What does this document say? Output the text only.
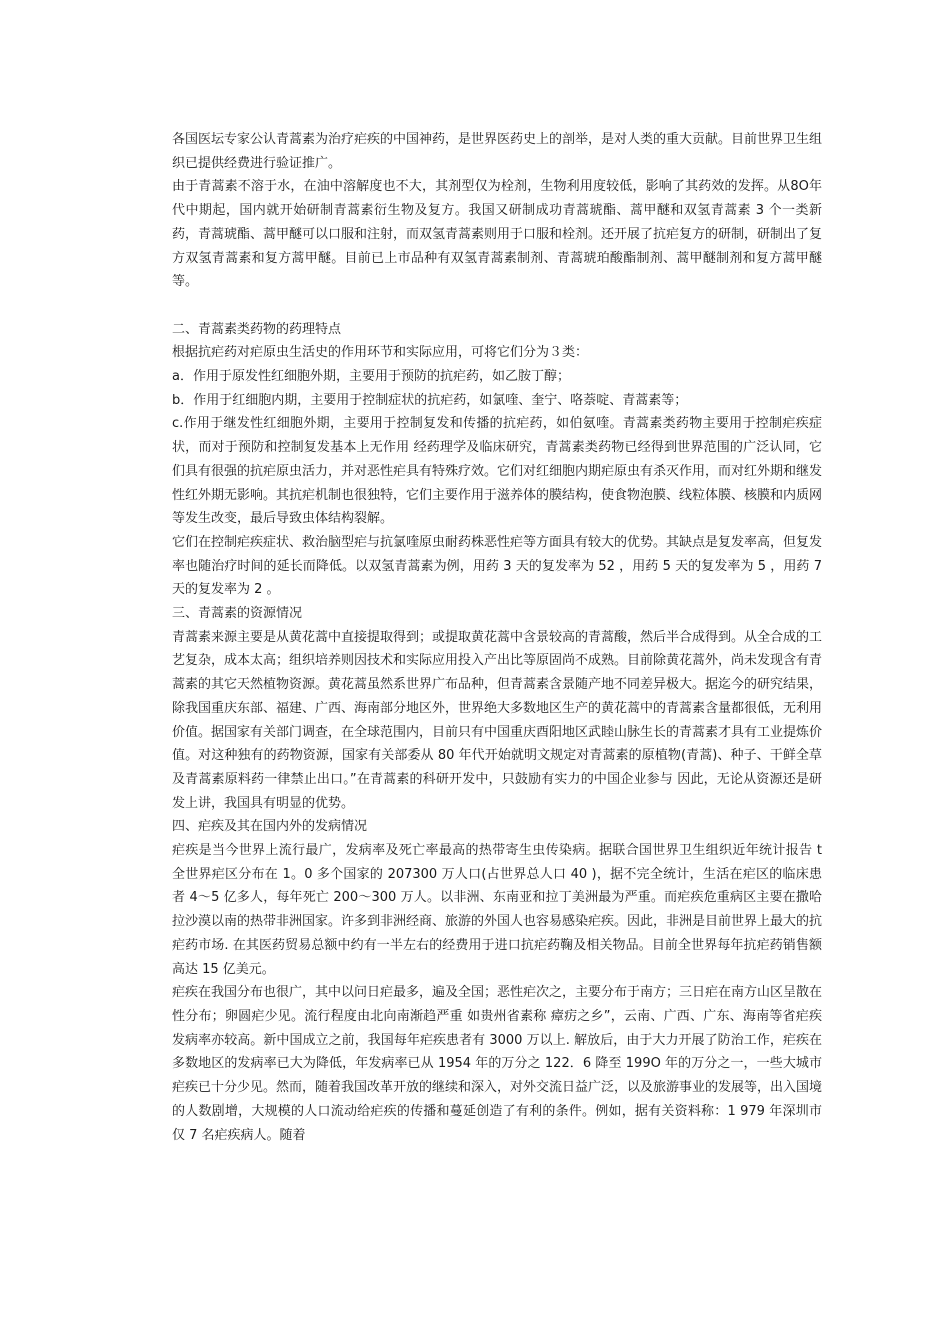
各国医坛专家公认青蒿素为治疗疟疾的中国神药，是世界医药史上的剖举，是对人类的重大贡献。目前世界卫生组织已提供经费进行验证推广。

由于青蒿素不溶于水，在油中溶解度也不大，其剂型仅为栓剂，生物利用度较低，影响了其药效的发挥。从8O年代中期起，国内就开始研制青蒿素衍生物及复方。我国又研制成功青蒿琥酯、蒿甲醚和双氢青蒿素 3 个一类新药，青蒿琥酯、蒿甲醚可以口服和注射，而双氢青蒿素则用于口服和栓剂。还开展了抗疟复方的研制，研制出了复方双氢青蒿素和复方蒿甲醚。目前已上市品种有双氢青蒿素制剂、青蒿琥珀酸酯制剂、蒿甲醚制剂和复方蒿甲醚等。

二、青蒿素类药物的药理特点

根据抗疟药对疟原虫生活史的作用环节和实际应用，可将它们分为３类：

a．作用于原发性红细胞外期，主要用于预防的抗疟药，如乙胺丁醇；

b．作用于红细胞内期，主要用于控制症状的抗疟药，如氯喹、奎宁、咯萘啶、青蒿素等；

c.作用于继发性红细胞外期，主要用于控制复发和传播的抗疟药，如伯氨喹。青蒿素类药物主要用于控制疟疾症状，而对于预防和控制复发基本上无作用 经药理学及临床研究，青蒿素类药物已经得到世界范围的广泛认同，它们具有很强的抗疟原虫活力，并对恶性疟具有特殊疗效。它们对红细胞内期疟原虫有杀灭作用，而对红外期和继发性红外期无影响。其抗疟机制也很独特，它们主要作用于滋养体的膜结构，使食物泡膜、线粒体膜、核膜和内质网等发生改变，最后导致虫体结构裂解。

它们在控制疟疾症状、救治脑型疟与抗氯喹原虫耐药株恶性疟等方面具有较大的优势。其缺点是复发率高，但复发率也随治疗时间的延长而降低。以双氢青蒿素为例，用药 3 天的复发率为 52 ，用药 5 天的复发率为 5 ，用药 7 天的复发率为 2 。

三、青蒿素的资源情况

青蒿素来源主要是从黄花蒿中直接提取得到；或提取黄花蒿中含景较高的青蒿酸，然后半合成得到。从全合成的工艺复杂，成本太高；组织培养则因技术和实际应用投入产出比等原固尚不成熟。目前除黄花蒿外，尚未发现含有青蒿素的其它天然植物资源。黄花蒿虽然系世界广布品种，但青蒿素含景随产地不同差异极大。据迄今的研究结果，除我国重庆东部、福建、广西、海南部分地区外，世界绝大多数地区生产的黄花蒿中的青蒿素含量都很低，无利用价值。据国家有关部门调查，在全球范围内，目前只有中国重庆酉阳地区武睦山脉生长的青蒿素才具有工业提炼价值。对这种独有的药物资源，国家有关部委从 80 年代开始就明文规定对青蒿素的原植物(青蒿)、种子、干鲜全草及青蒿素原料药一律禁止出口。”在青蒿素的科研开发中，只鼓励有实力的中国企业参与 因此，无论从资源还是研发上讲，我国具有明显的优势。

四、疟疾及其在国内外的发病情况

疟疾是当今世界上流行最广，发病率及死亡率最高的热带寄生虫传染病。据联合国世界卫生组织近年统计报告 t 全世界疟区分布在 1。0 多个国家的 207300 万人口(占世界总人口 40 )，据不完全统计，生活在疟区的临床患者 4～5 亿多人，每年死亡 200～300 万人。以非洲、东南亚和拉丁美洲最为严重。而疟疾危重病区主要在撒哈拉沙漠以南的热带非洲国家。许多到非洲经商、旅游的外国人也容易感染疟疾。因此，非洲是目前世界上最大的抗疟药市场. 在其医药贸易总额中约有一半左右的经费用于进口抗疟药鞠及相关物品。目前全世界每年抗疟药销售额高达 15 亿美元。

疟疾在我国分布也很广，其中以问日疟最多，遍及全国；恶性疟次之，主要分布于南方；三日疟在南方山区呈散在性分布；卵圆疟少见。流行程度由北向南渐趋严重 如贵州省素称 瘴疠之乡”，云南、广西、广东、海南等省疟疾发病率亦较高。新中国成立之前，我国每年疟疾患者有 3000 万以上. 解放后，由于大力开展了防治工作，疟疾在多数地区的发病率已大为降低，年发病率已从 1954 年的万分之 122．6 降至 199O 年的万分之一，一些大城市疟疾已十分少见。然而，随着我国改革开放的继续和深入，对外交流日益广泛，以及旅游事业的发展等，出入国境的人数剧增，大规模的人口流动给疟疾的传播和蔓延创造了有利的条件。例如，据有关资料称：1 979 年深圳市仅 7 名疟疾病人。随着
